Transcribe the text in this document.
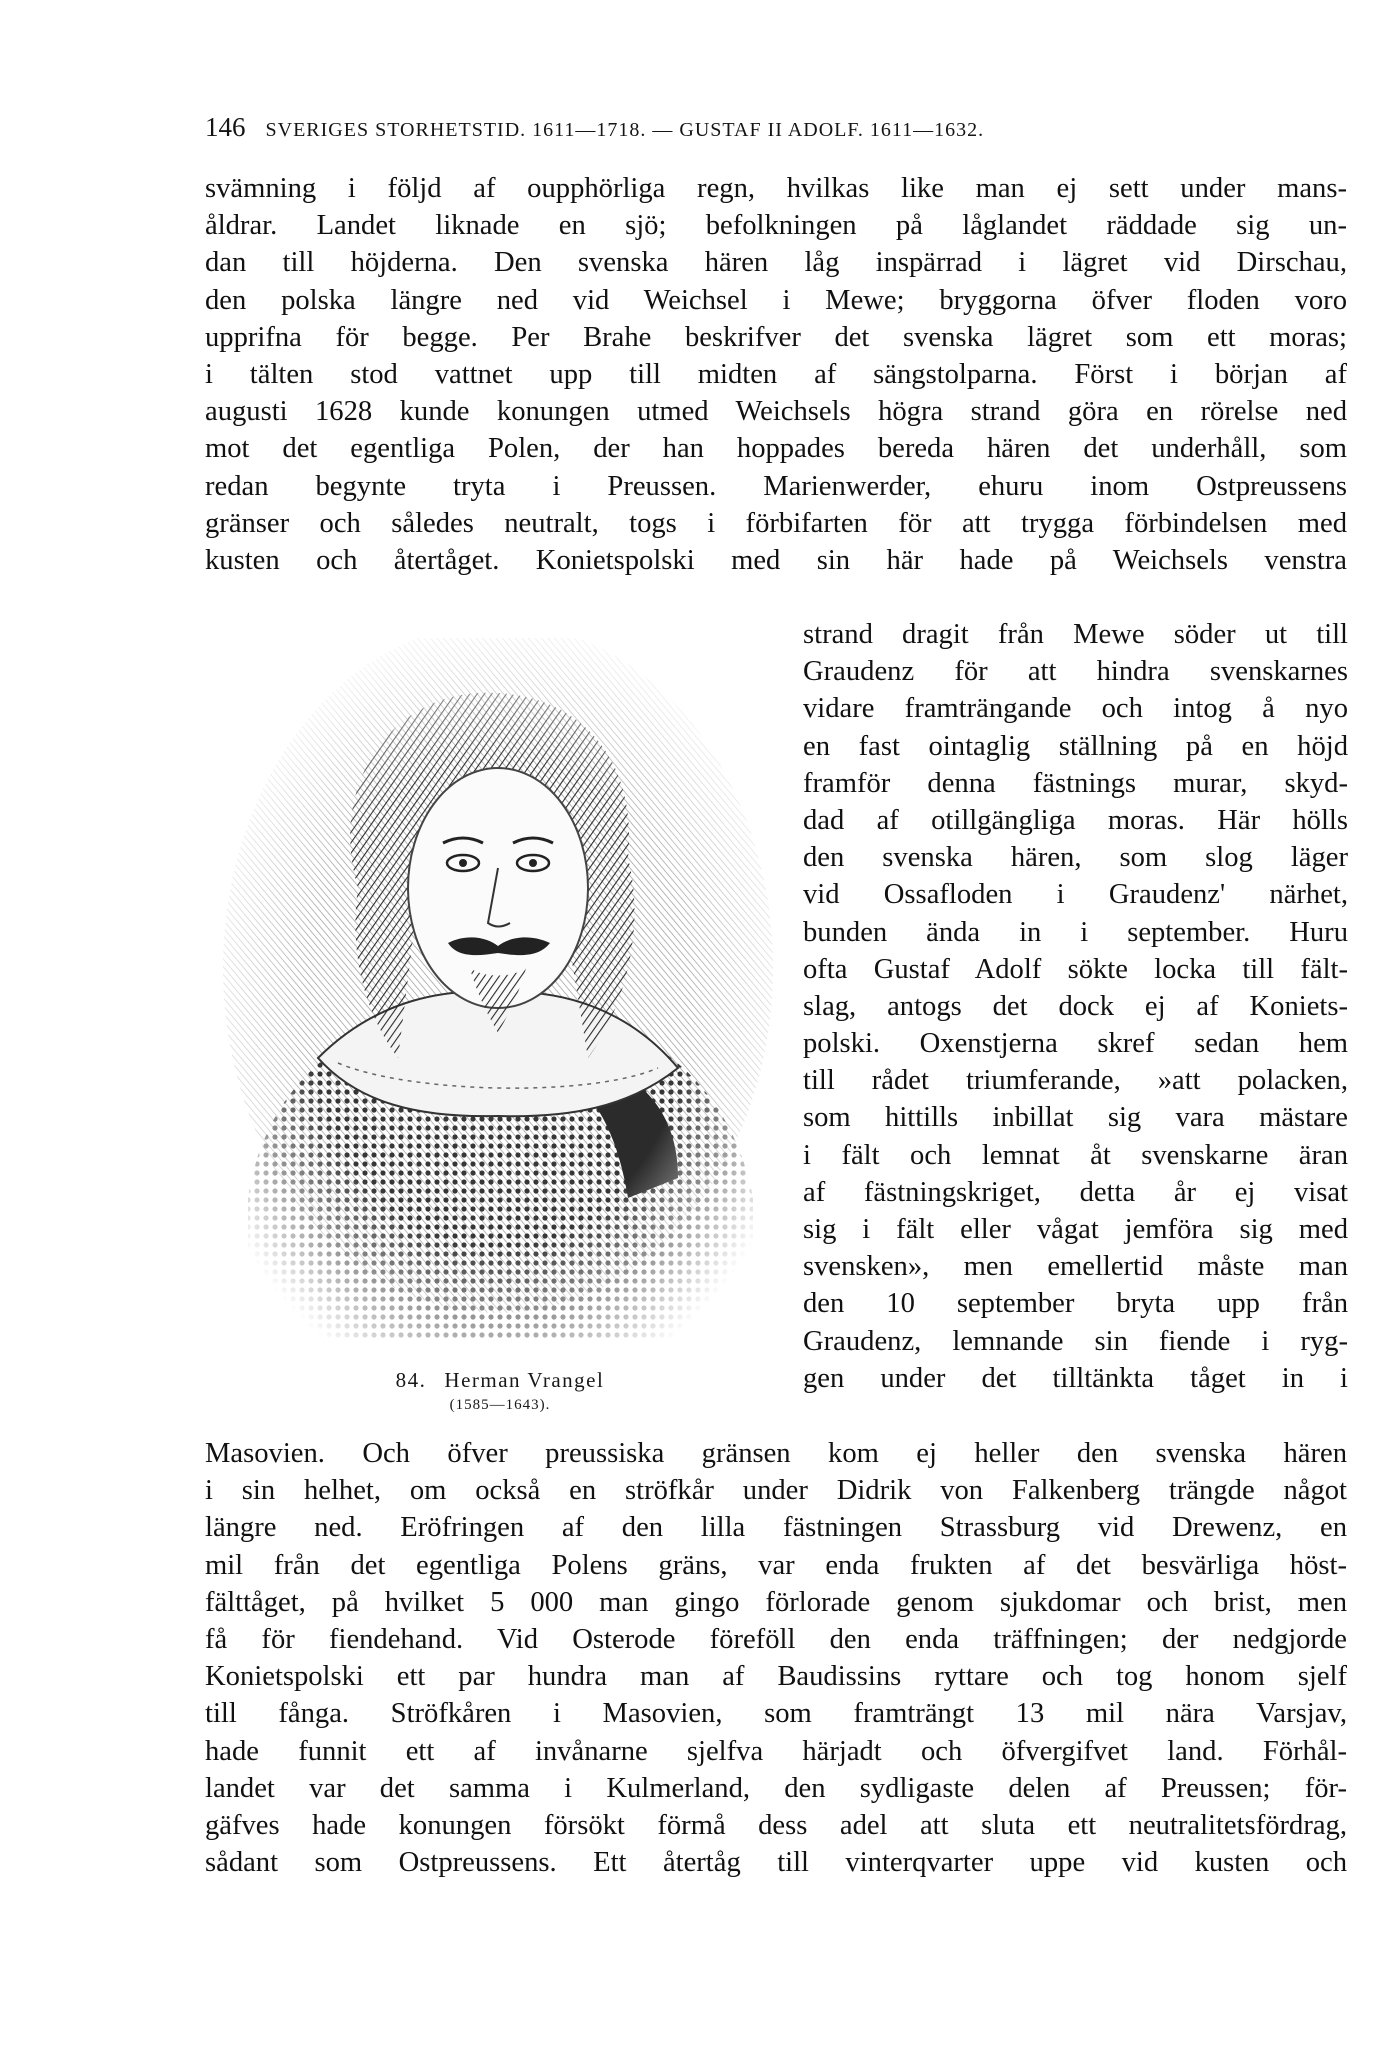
146 SVERIGES STORHETSTID. 1611—1718. — GUSTAF II ADOLF. 1611—1632.
svämning i följd af oupphörliga regn, hvilkas like man ej sett under mans-
åldrar. Landet liknade en sjö; befolkningen på låglandet räddade sig un-
dan till höjderna. Den svenska hären låg inspärrad i lägret vid Dirschau,
den polska längre ned vid Weichsel i Mewe; bryggorna öfver floden voro
upprifna för begge. Per Brahe beskrifver det svenska lägret som ett moras;
i tälten stod vattnet upp till midten af sängstolparna. Först i början af
augusti 1628 kunde konungen utmed Weichsels högra strand göra en rörelse ned
mot det egentliga Polen, der han hoppades bereda hären det underhåll, som
redan begynte tryta i Preussen. Marienwerder, ehuru inom Ostpreussens
gränser och således neutralt, togs i förbifarten för att trygga förbindelsen med
kusten och återtåget. Konietspolski med sin här hade på Weichsels venstra
strand dragit från Mewe söder ut till
Graudenz för att hindra svenskarnes
vidare framträngande och intog å nyo
en fast ointaglig ställning på en höjd
framför denna fästnings murar, skyd-
dad af otillgängliga moras. Här hölls
den svenska hären, som slog läger
vid Ossafloden i Graudenz' närhet,
bunden ända in i september. Huru
ofta Gustaf Adolf sökte locka till fält-
slag, antogs det dock ej af Koniets-
polski. Oxenstjerna skref sedan hem
till rådet triumferande, »att polacken,
som hittills inbillat sig vara mästare
i fält och lemnat åt svenskarne äran
af fästningskriget, detta år ej visat
sig i fält eller vågat jemföra sig med
svensken», men emellertid måste man
den 10 september bryta upp från
Graudenz, lemnande sin fiende i ryg-
gen under det tilltänkta tåget in i
Masovien. Och öfver preussiska gränsen kom ej heller den svenska hären
i sin helhet, om också en ströfkår under Didrik von Falkenberg trängde något
längre ned. Eröfringen af den lilla fästningen Strassburg vid Drewenz, en
mil från det egentliga Polens gräns, var enda frukten af det besvärliga höst-
fälttåget, på hvilket 5 000 man gingo förlorade genom sjukdomar och brist, men
få för fiendehand. Vid Osterode föreföll den enda träffningen; der nedgjorde
Konietspolski ett par hundra man af Baudissins ryttare och tog honom sjelf
till fånga. Ströfkåren i Masovien, som framträngt 13 mil nära Varsjav,
hade funnit ett af invånarne sjelfva härjadt och öfvergifvet land. Förhål-
landet var det samma i Kulmerland, den sydligaste delen af Preussen; för-
gäfves hade konungen försökt förmå dess adel att sluta ett neutralitetsfördrag,
sådant som Ostpreussens. Ett återtåg till vinterqvarter uppe vid kusten och
84. Herman Vrangel
(1585—1643).
